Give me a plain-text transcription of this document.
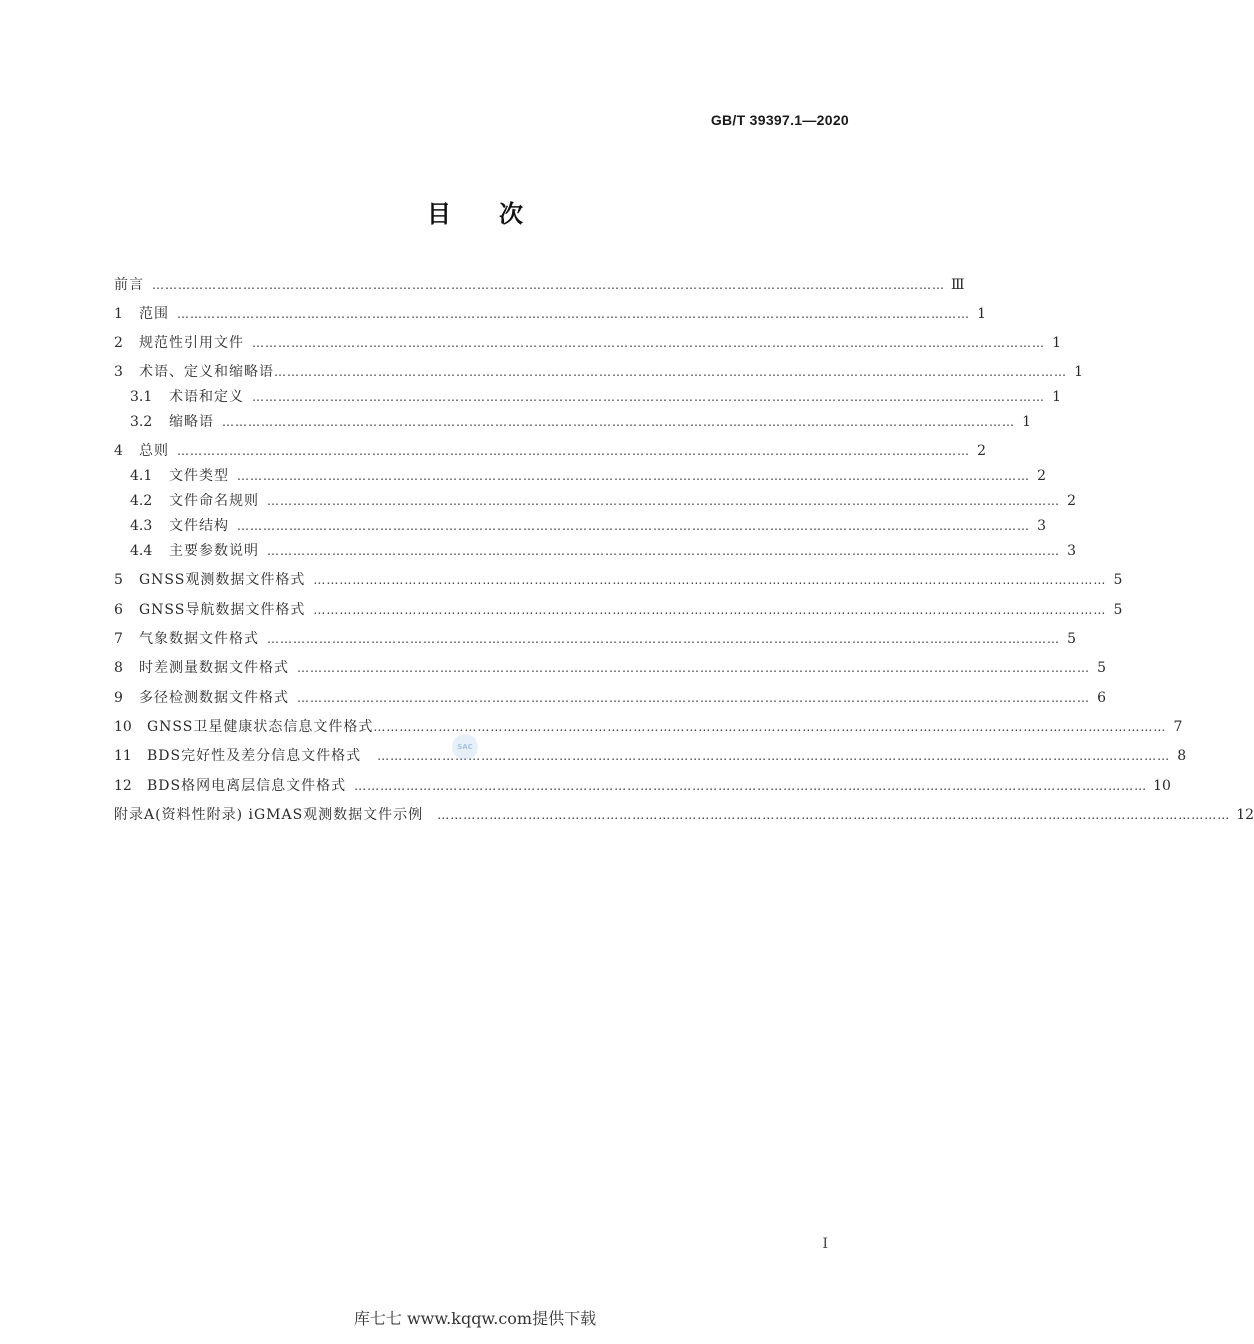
GB/T 39397.1—2020
目次
前言 ………………………………………………………………………………………………………………………………………………………………… Ⅲ
1	范围 ………………………………………………………………………………………………………………………………………………………………… 1
2	规范性引用文件 ………………………………………………………………………………………………………………………………………………………………… 1
3	术语、定义和缩略语 ………………………………………………………………………………………………………………………………………………………………… 1
3.1	术语和定义 ………………………………………………………………………………………………………………………………………………………………… 1
3.2	缩略语 ………………………………………………………………………………………………………………………………………………………………… 1
4	总则 ………………………………………………………………………………………………………………………………………………………………… 2
4.1	文件类型 ………………………………………………………………………………………………………………………………………………………………… 2
4.2	文件命名规则 ………………………………………………………………………………………………………………………………………………………………… 2
4.3	文件结构 ………………………………………………………………………………………………………………………………………………………………… 3
4.4	主要参数说明 ………………………………………………………………………………………………………………………………………………………………… 3
5	GNSS观测数据文件格式 ………………………………………………………………………………………………………………………………………………………………… 5
6	GNSS导航数据文件格式 ………………………………………………………………………………………………………………………………………………………………… 5
7	气象数据文件格式 ………………………………………………………………………………………………………………………………………………………………… 5
8	时差测量数据文件格式 ………………………………………………………………………………………………………………………………………………………………… 5
9	多径检测数据文件格式 ………………………………………………………………………………………………………………………………………………………………… 6
10	GNSS卫星健康状态信息文件格式 ………………………………………………………………………………………………………………………………………………………………… 7
11	BDS完好性及差分信息文件格式 ………………………………………………………………………………………………………………………………………………………………… 8
12	BDS格网电离层信息文件格式 ………………………………………………………………………………………………………………………………………………………………… 10
附录A(资料性附录) iGMAS观测数据文件示例 ………………………………………………………………………………………………………………………………………………………………… 12
SAC
I
库七七 www.kqqw.com提供下载
